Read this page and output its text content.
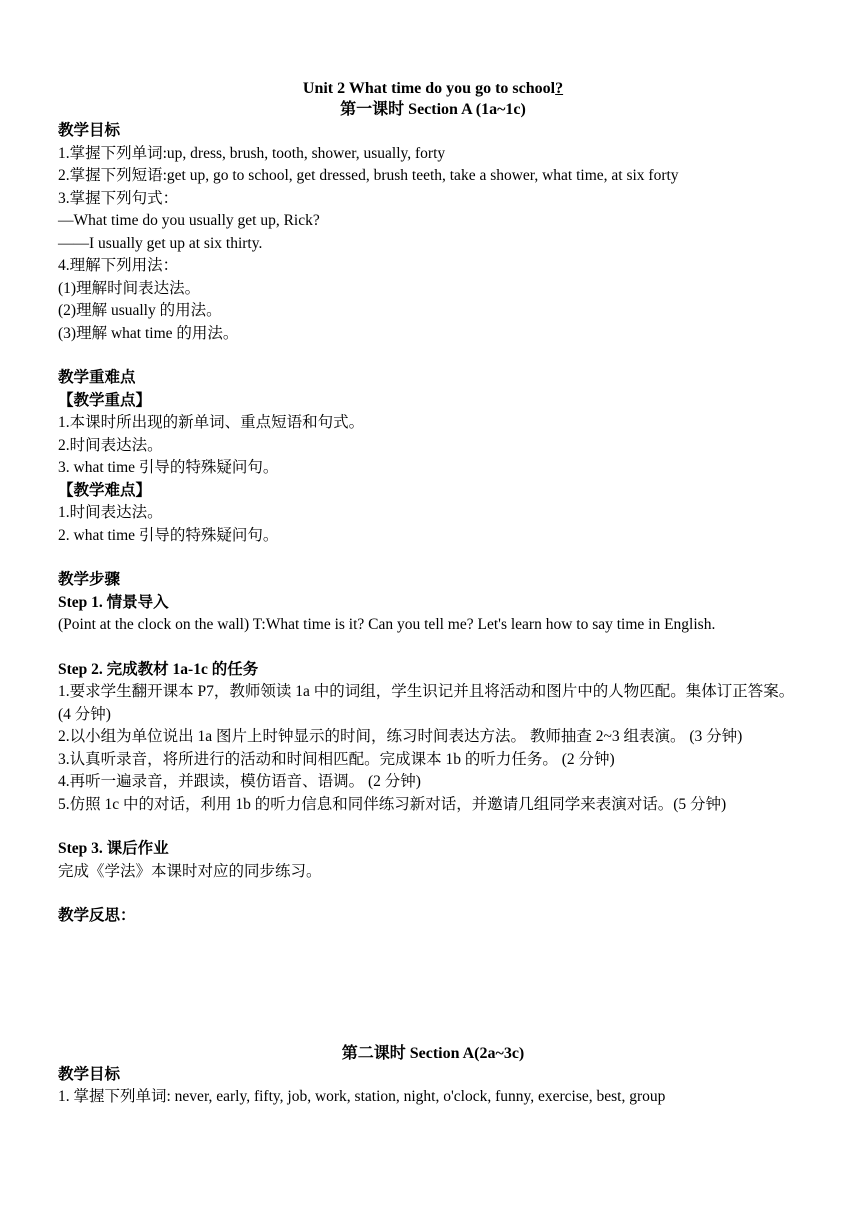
Unit 2 What time do you go to school?
第一课时 Section A (1a~1c)
教学目标
1.掌握下列单词:up, dress, brush, tooth, shower, usually, forty
2.掌握下列短语:get up, go to school, get dressed, brush teeth, take a shower, what time, at six forty
3.掌握下列句式：
—What time do you usually get up, Rick?
——I usually get up at six thirty.
4.理解下列用法：
(1)理解时间表达法。
(2)理解 usually 的用法。
(3)理解 what time 的用法。
教学重难点
【教学重点】
1.本课时所出现的新单词、重点短语和句式。
2.时间表达法。
3. what time 引导的特殊疑问句。
【教学难点】
1.时间表达法。
2. what time 引导的特殊疑问句。
教学步骤
Step 1. 情景导入
(Point at the clock on the wall) T:What time is it? Can you tell me? Let's learn how to say time in English.
Step 2. 完成教材 1a-1c 的任务
1.要求学生翻开课本 P7，教师领读 1a 中的词组，学生识记并且将活动和图片中的人物匹配。集体订正答案。 (4 分钟)
2.以小组为单位说出 1a 图片上时钟显示的时间，练习时间表达方法。 教师抽查 2~3 组表演。 (3 分钟)
3.认真听录音，将所进行的活动和时间相匹配。完成课本 1b 的听力任务。 (2 分钟)
4.再听一遍录音，并跟读，模仿语音、语调。 (2 分钟)
5.仿照 1c 中的对话，利用 1b 的听力信息和同伴练习新对话，并邀请几组同学来表演对话。(5 分钟)
Step 3. 课后作业
完成《学法》本课时对应的同步练习。
教学反思：
第二课时 Section A(2a~3c)
教学目标
1. 掌握下列单词: never, early, fifty, job, work, station, night, o'clock, funny, exercise, best, group
